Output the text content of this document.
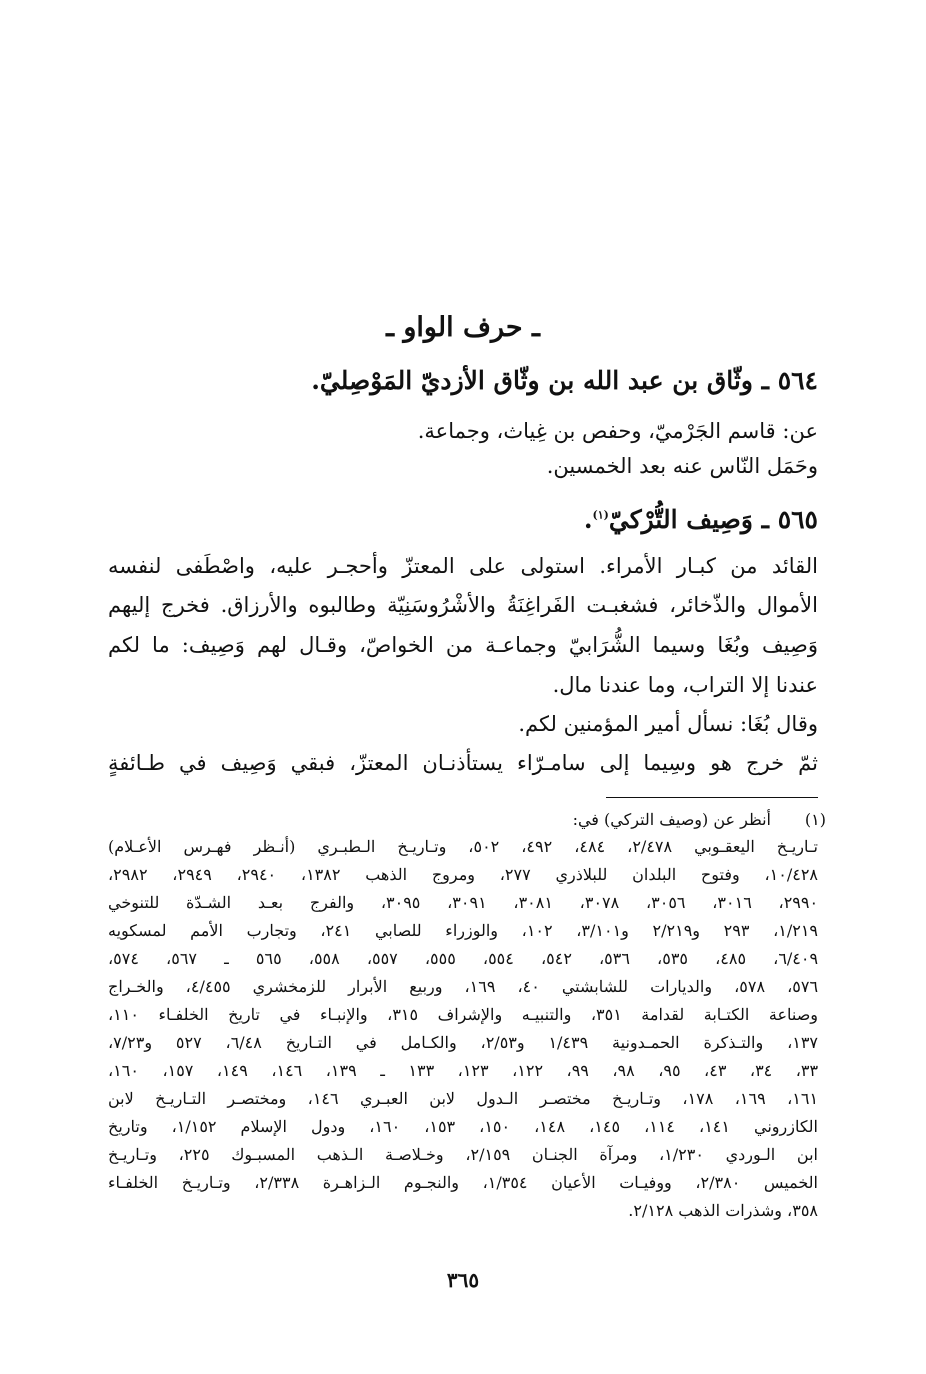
ـ حرف الواو ـ
٥٦٤ ـ وثّاق بن عبد الله بن وثّاق الأزديّ المَوْصِليّ.
عن: قاسم الجَرْميّ، وحفص بن غِياث، وجماعة.
وحَمَل النّاس عنه بعد الخمسين.
٥٦٥ ـ وَصِيف التُّرْكيّ$^{(١)}$.
القائد من كبـار الأمراء. استولى على المعتزّ وأحجـر عليه، واصْطَفى لنفسه
الأموال والذّخائر، فشغبـت الفَراغِنَةُ والأشْرُوسَنِيّة وطالبوه والأرزاق. فخرج إليهم
وَصِيف وبُغَا وسيما الشُّرَابيّ وجماعـة من الخواصّ، وقـال لهم وَصِيف: ما لكم
عندنا إلا التراب، وما عندنا مال.
وقال بُغَا: نسأل أمير المؤمنين لكم.
ثمّ خرج هو وسِيما إلى سامـرّاء يستأذنـان المعتزّ، فبقي وَصِيف في طـائفةٍ
(١)
أنظر عن (وصيف التركي) في:
تـاريـخ اليعقـوبي ٢/٤٧٨، ٤٨٤، ٤٩٢، ٥٠٢، وتـاريـخ الـطبـري (أنـظر فهـرس الأعـلام)
١٠/٤٢٨، وفتوح البلدان للبلاذري ٢٧٧، ومروج الذهب ١٣٨٢، ٢٩٤٠، ٢٩٤٩، ٢٩٨٢،
٢٩٩٠، ٣٠١٦، ٣٠٥٦، ٣٠٧٨، ٣٠٨١، ٣٠٩١، ٣٠٩٥، والفرج بعـد الشـدّة للتنوخي
١/٢١٩، ٢٩٣ و٢/٢١٩ و٣/١٠١، ١٠٢، والوزراء للصابي ٢٤١، وتجارب الأمم لمسكويه
٦/٤٠٩، ٤٨٥، ٥٣٥، ٥٣٦، ٥٤٢، ٥٥٤، ٥٥٥، ٥٥٧، ٥٥٨، ٥٦٥ ـ ٥٦٧، ٥٧٤،
٥٧٦، ٥٧٨، والديارات للشابشتي ٤٠، ١٦٩، وربيع الأبرار للزمخشري ٤/٤٥٥، والخـراج
وصناعة الكتـابة لقدامة ٣٥١، والتنبيـه والإشراف ٣١٥، والإنبـاء في تاريخ الخلفـاء ١١٠،
١٣٧، والتـذكرة الحمـدونية ١/٤٣٩ و٢/٥٣، والكـامل في التـاريخ ٦/٤٨، ٥٢٧ و٧/٢٣،
٣٣، ٣٤، ٤٣، ٩٥، ٩٨، ٩٩، ١٢٢، ١٢٣، ١٣٣ ـ ١٣٩، ١٤٦، ١٤٩، ١٥٧، ١٦٠،
١٦١، ١٦٩، ١٧٨، وتـاريـخ مختصـر الـدول لابن العبـري ١٤٦، ومختصـر التـاريـخ لابن
الكازروني ١٤١، ١١٤، ١٤٥، ١٤٨، ١٥٠، ١٥٣، ١٦٠، ودول الإسلام ١/١٥٢، وتاريخ
ابن الـوردي ١/٢٣٠، ومرآة الجنـان ٢/١٥٩، وخـلاصـة الـذهب المسبـوك ٢٢٥، وتـاريـخ
الخميس ٢/٣٨٠، ووفيـات الأعيان ١/٣٥٤، والنجـوم الـزاهـرة ٢/٣٣٨، وتـاريـخ الخلفـاء
٣٥٨، وشذرات الذهب ٢/١٢٨.
٣٦٥
